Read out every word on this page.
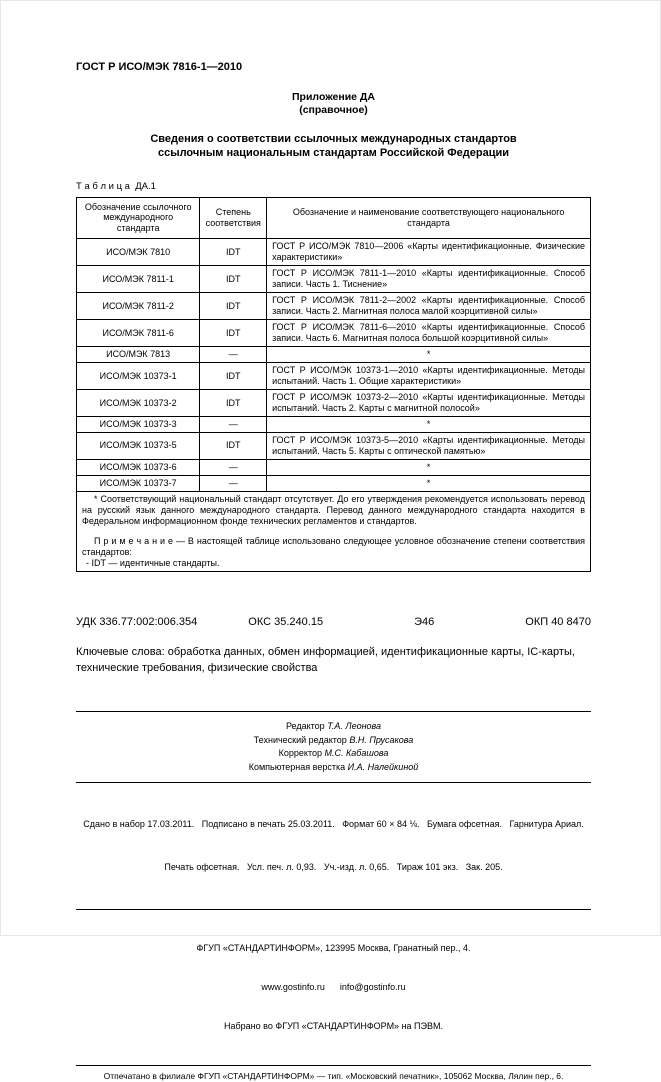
ГОСТ Р ИСО/МЭК 7816-1—2010
Приложение ДА
(справочное)
Сведения о соответствии ссылочных международных стандартов
ссылочным национальным стандартам Российской Федерации
Т а б л и ц а  ДА.1
Обозначение ссылочного международного стандарта	Степень соответствия	Обозначение и наименование соответствующего национального стандарта
ИСО/МЭК 7810	IDT	ГОСТ Р ИСО/МЭК 7810—2006 «Карты идентификационные. Физические характеристики»
ИСО/МЭК 7811-1	IDT	ГОСТ Р ИСО/МЭК 7811-1—2010 «Карты идентификационные. Способ записи. Часть 1. Тиснение»
ИСО/МЭК 7811-2	IDT	ГОСТ Р ИСО/МЭК 7811-2—2002 «Карты идентификационные. Способ записи. Часть 2. Магнитная полоса малой коэрцитивной силы»
ИСО/МЭК 7811-6	IDT	ГОСТ Р ИСО/МЭК 7811-6—2010 «Карты идентификационные. Способ записи. Часть 6. Магнитная полоса большой коэрцитивной силы»
ИСО/МЭК 7813	—	*
ИСО/МЭК 10373-1	IDT	ГОСТ Р ИСО/МЭК 10373-1—2010 «Карты идентификационные. Методы испытаний. Часть 1. Общие характеристики»
ИСО/МЭК 10373-2	IDT	ГОСТ Р ИСО/МЭК 10373-2—2010 «Карты идентификационные. Методы испытаний. Часть 2. Карты с магнитной полосой»
ИСО/МЭК 10373-3	—	*
ИСО/МЭК 10373-5	IDT	ГОСТ Р ИСО/МЭК 10373-5—2010 «Карты идентификационные. Методы испытаний. Часть 5. Карты с оптической памятью»
ИСО/МЭК 10373-6	—	*
ИСО/МЭК 10373-7	—	*

* Соответствующий национальный стандарт отсутствует. До его утверждения рекомендуется использовать перевод на русский язык данного международного стандарта. Перевод данного международного стандарта находится в Федеральном информационном фонде технических регламентов и стандартов.
П р и м е ч а н и е — В настоящей таблице использовано следующее условное обозначение степени соответствия стандартов:
- IDT — идентичные стандарты.		
УДК 336.77:002:006.354	ОКС 35.240.15	Э46	ОКП 40 8470

Ключевые слова: обработка данных, обмен информацией, идентификационные карты, IC-карты, технические требования, физические свойства

Редактор Т.А. Леонова
Технический редактор В.Н. Прусакова
Корректор М.С. Кабашова
Компьютерная верстка И.А. Налейкиной

Сдано в набор 17.03.2011.   Подписано в печать 25.03.2011.   Формат 60 × 84 ⅛.   Бумага офсетная.   Гарнитура Ариал.

Печать офсетная.   Усл. печ. л. 0,93.   Уч.-изд. л. 0,65.   Тираж 101 экз.   Зак. 205.

ФГУП «СТАНДАРТИНФОРМ», 123995 Москва, Гранатный пер., 4.

www.gostinfo.ru      info@gostinfo.ru

Набрано во ФГУП «СТАНДАРТИНФОРМ» на ПЭВМ.

Отпечатано в филиале ФГУП «СТАНДАРТИНФОРМ» — тип. «Московский печатник», 105062 Москва, Лялин пер., 6.
